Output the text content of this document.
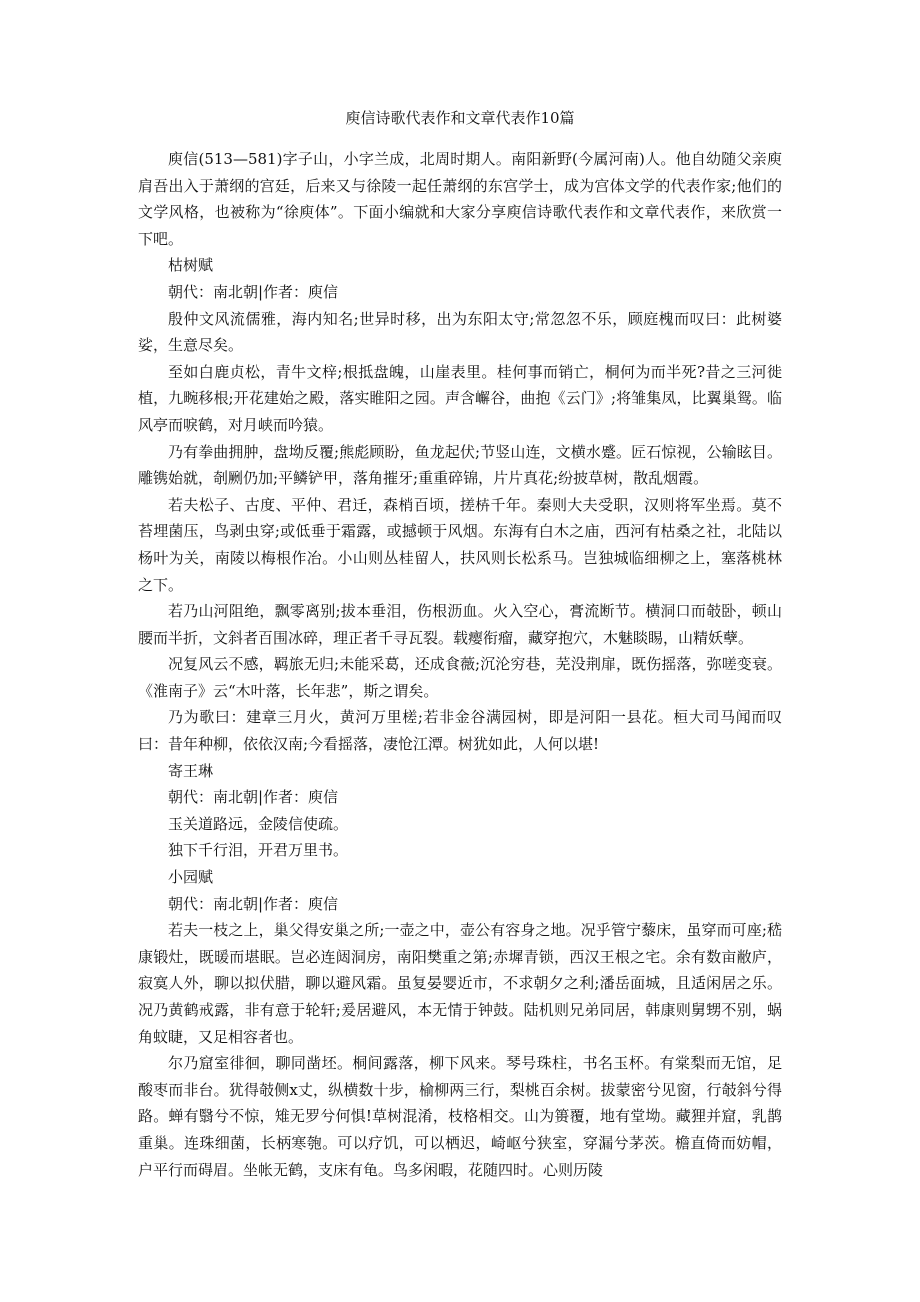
庾信诗歌代表作和文章代表作10篇

庾信(513—581)字子山，小字兰成，北周时期人。南阳新野(今属河南)人。他自幼随父亲庾肩吾出入于萧纲的宫廷，后来又与徐陵一起任萧纲的东宫学士，成为宫体文学的代表作家;他们的文学风格，也被称为“徐庾体”。下面小编就和大家分享庾信诗歌代表作和文章代表作，来欣赏一下吧。

枯树赋

朝代：南北朝|作者：庾信

殷仲文风流儒雅，海内知名;世异时移，出为东阳太守;常忽忽不乐，顾庭槐而叹曰：此树婆娑，生意尽矣。

至如白鹿贞松，青牛文梓;根抵盘魄，山崖表里。桂何事而销亡，桐何为而半死?昔之三河徙植，九畹移根;开花建始之殿，落实睢阳之园。声含嶰谷，曲抱《云门》;将雏集凤，比翼巢鸳。临风亭而唳鹤，对月峡而吟猿。

乃有拳曲拥肿，盘坳反覆;熊彪顾盼，鱼龙起伏;节竖山连，文横水蹙。匠石惊视，公输眩目。雕镌始就，剞劂仍加;平鳞铲甲，落角摧牙;重重碎锦，片片真花;纷披草树，散乱烟霞。

若夫松子、古度、平仲、君迁，森梢百顷，搓枿千年。秦则大夫受职，汉则将军坐焉。莫不苔埋菌压，鸟剥虫穿;或低垂于霜露，或撼顿于风烟。东海有白木之庙，西河有枯桑之社，北陆以杨叶为关，南陵以梅根作冶。小山则丛桂留人，扶风则长松系马。岂独城临细柳之上，塞落桃林之下。

若乃山河阻绝，飘零离别;拔本垂泪，伤根沥血。火入空心，膏流断节。横洞口而攲卧，顿山腰而半折，文斜者百围冰碎，理正者千寻瓦裂。载瘿衔瘤，藏穿抱穴，木魅睒睗，山精妖孽。

况复风云不感，羁旅无归;未能采葛，还成食薇;沉沦穷巷，芜没荆扉，既伤摇落，弥嗟变衰。《淮南子》云“木叶落，长年悲”，斯之谓矣。

乃为歌曰：建章三月火，黄河万里槎;若非金谷满园树，即是河阳一县花。桓大司马闻而叹曰：昔年种柳，依依汉南;今看摇落，凄怆江潭。树犹如此，人何以堪!

寄王琳

朝代：南北朝|作者：庾信

玉关道路远，金陵信使疏。

独下千行泪，开君万里书。

小园赋

朝代：南北朝|作者：庾信

若夫一枝之上，巢父得安巢之所;一壶之中，壶公有容身之地。况乎管宁藜床，虽穿而可座;嵇康锻灶，既暖而堪眠。岂必连闼洞房，南阳樊重之第;赤墀青锁，西汉王根之宅。余有数亩敝庐，寂寞人外，聊以拟伏腊，聊以避风霜。虽复晏婴近市，不求朝夕之利;潘岳面城，且适闲居之乐。况乃黄鹤戒露，非有意于轮轩;爰居避风，本无情于钟鼓。陆机则兄弟同居，韩康则舅甥不别，蜗角蚊睫，又足相容者也。

尔乃窟室徘徊，聊同凿坯。桐间露落，柳下风来。琴号珠柱，书名玉杯。有棠梨而无馆，足酸枣而非台。犹得攲侧ⅹ丈，纵横数十步，榆柳两三行，梨桃百余树。拔蒙密兮见窗，行攲斜兮得路。蝉有翳兮不惊，雉无罗兮何惧!草树混淆，枝格相交。山为篑覆，地有堂坳。藏狸并窟，乳鹊重巢。连珠细菌，长柄寒匏。可以疗饥，可以栖迟，崎岖兮狭室，穿漏兮茅茨。檐直倚而妨帽，户平行而碍眉。坐帐无鹤，支床有龟。鸟多闲暇，花随四时。心则历陵
